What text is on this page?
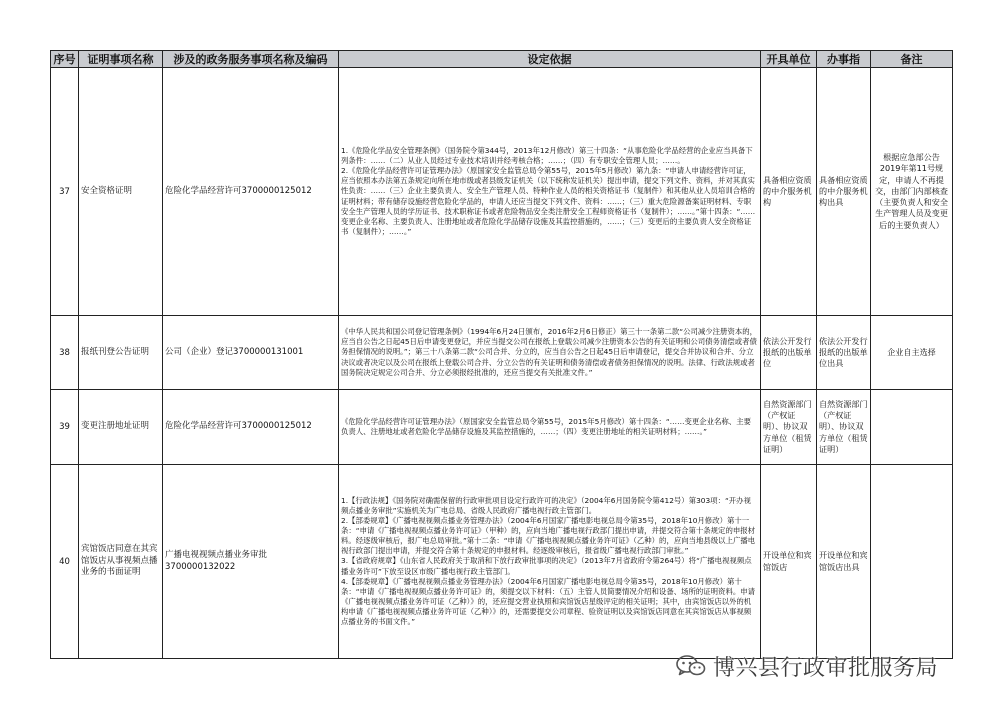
序号	证明事项名称	涉及的政务服务事项名称及编码	设定依据	开具单位	办事指	备注
37	安全资格证明	危险化学品经营许可3700000125012	1.《危险化学品安全管理条例》（国务院令第344号，2013年12月修改）第三十四条：“从事危险化学品经营的企业应当具备下列条件：……（二）从业人员经过专业技术培训并经考核合格；……；（四）有专职安全管理人员；……。

2.《危险化学品经营许可证管理办法》（原国家安全监管总局令第55号，2015年5月修改）第九条：“申请人申请经营许可证，应当依照本办法第五条规定向所在地市级或者县级发证机关（以下统称发证机关）提出申请，提交下列文件、资料，并对其真实性负责：……（三）企业主要负责人、安全生产管理人员、特种作业人员的相关资格证书（复制件）和其他从业人员培训合格的证明材料；带有储存设施经营危险化学品的，申请人还应当提交下列文件、资料：……；（三）重大危险源备案证明材料、专职安全生产管理人员的学历证书、技术职称证书或者危险物品安全类注册安全工程师资格证书（复制件）；……。”第十四条：“……变更企业名称、主要负责人、注册地址或者危险化学品储存设施及其监控措施的，……；（三）变更后的主要负责人安全资格证书（复制件）；……。”	具备相应资质的中介服务机构	具备相应资质的中介服务机构出具	根据应急部公告2019年第11号规定，申请人不再提交，由部门内部核查（主要负责人和安全生产管理人员及变更后的主要负责人）
38	报纸刊登公告证明	公司（企业）登记3700000131001	《中华人民共和国公司登记管理条例》（1994年6月24日颁布，2016年2月6日修正）第三十一条第二款“公司减少注册资本的，应当自公告之日起45日后申请变更登记，并应当提交公司在报纸上登载公司减少注册资本公告的有关证明和公司债务清偿或者债务担保情况的说明。”；第三十八条第二款“公司合并、分立的，应当自公告之日起45日后申请登记，提交合并协议和合并、分立决议或者决定以及公司在报纸上登载公司合并、分立公告的有关证明和债务清偿或者债务担保情况的说明。法律、行政法规或者国务院决定规定公司合并、分立必须报经批准的，还应当提交有关批准文件。”	依法公开发行报纸的出版单位	依法公开发行报纸的出版单位出具	企业自主选择
39	变更注册地址证明	危险化学品经营许可3700000125012	《危险化学品经营许可证管理办法》（原国家安全监管总局令第55号，2015年5月修改）第十四条：“……变更企业名称、主要负责人、注册地址或者危险化学品储存设施及其监控措施的，……；（四）变更注册地址的相关证明材料；……。”	自然资源部门（产权证明）、协议双方单位（租赁证明）	自然资源部门（产权证明）、协议双方单位（租赁证明）	
40	宾馆饭店同意在其宾馆饭店从事视频点播业务的书面证明	广播电视视频点播业务审批3700000132022	1.【行政法规】《国务院对确需保留的行政审批项目设定行政许可的决定》（2004年6月国务院令第412号）第303项：“开办视频点播业务审批”实施机关为广电总局、省级人民政府广播电视行政主管部门。

2.【部委规章】《广播电视视频点播业务管理办法》（2004年6月国家广播电影电视总局令第35号，2018年10月修改）第十一条：“申请《广播电视视频点播业务许可证》（甲种）的，应向当地广播电视行政部门提出申请，并提交符合第十条规定的申报材料。经逐级审核后，报广电总局审批。”第十二条：“申请《广播电视视频点播业务许可证》（乙种）的，应向当地县级以上广播电视行政部门提出申请，并提交符合第十条规定的申报材料。经逐级审核后，报省级广播电视行政部门审批。”

3.【省政府规章】《山东省人民政府关于取消和下放行政审批事项的决定》（2013年7月省政府令第264号）将“广播电视视频点播业务许可”下放至设区市级广播电视行政主管部门。

4.【部委规章】《广播电视视频点播业务管理办法》（2004年6月国家广播电影电视总局令第35号，2018年10月修改）第十条：“申请《广播电视视频点播业务许可证》的，须提交以下材料：（五）主管人员简要情况介绍和设备、场所的证明资料。申请《广播电视视频点播业务许可证（乙种）》的，还应提交营业执照和宾馆饭店星级评定的相关证明；其中，由宾馆饭店以外的机构申请《广播电视视频点播业务许可证（乙种）》的，还需要提交公司章程、验资证明以及宾馆饭店同意在其宾馆饭店从事视频点播业务的书面文件。”	开设单位和宾馆饭店	开设单位和宾馆饭店出具	
博兴县行政审批服务局
